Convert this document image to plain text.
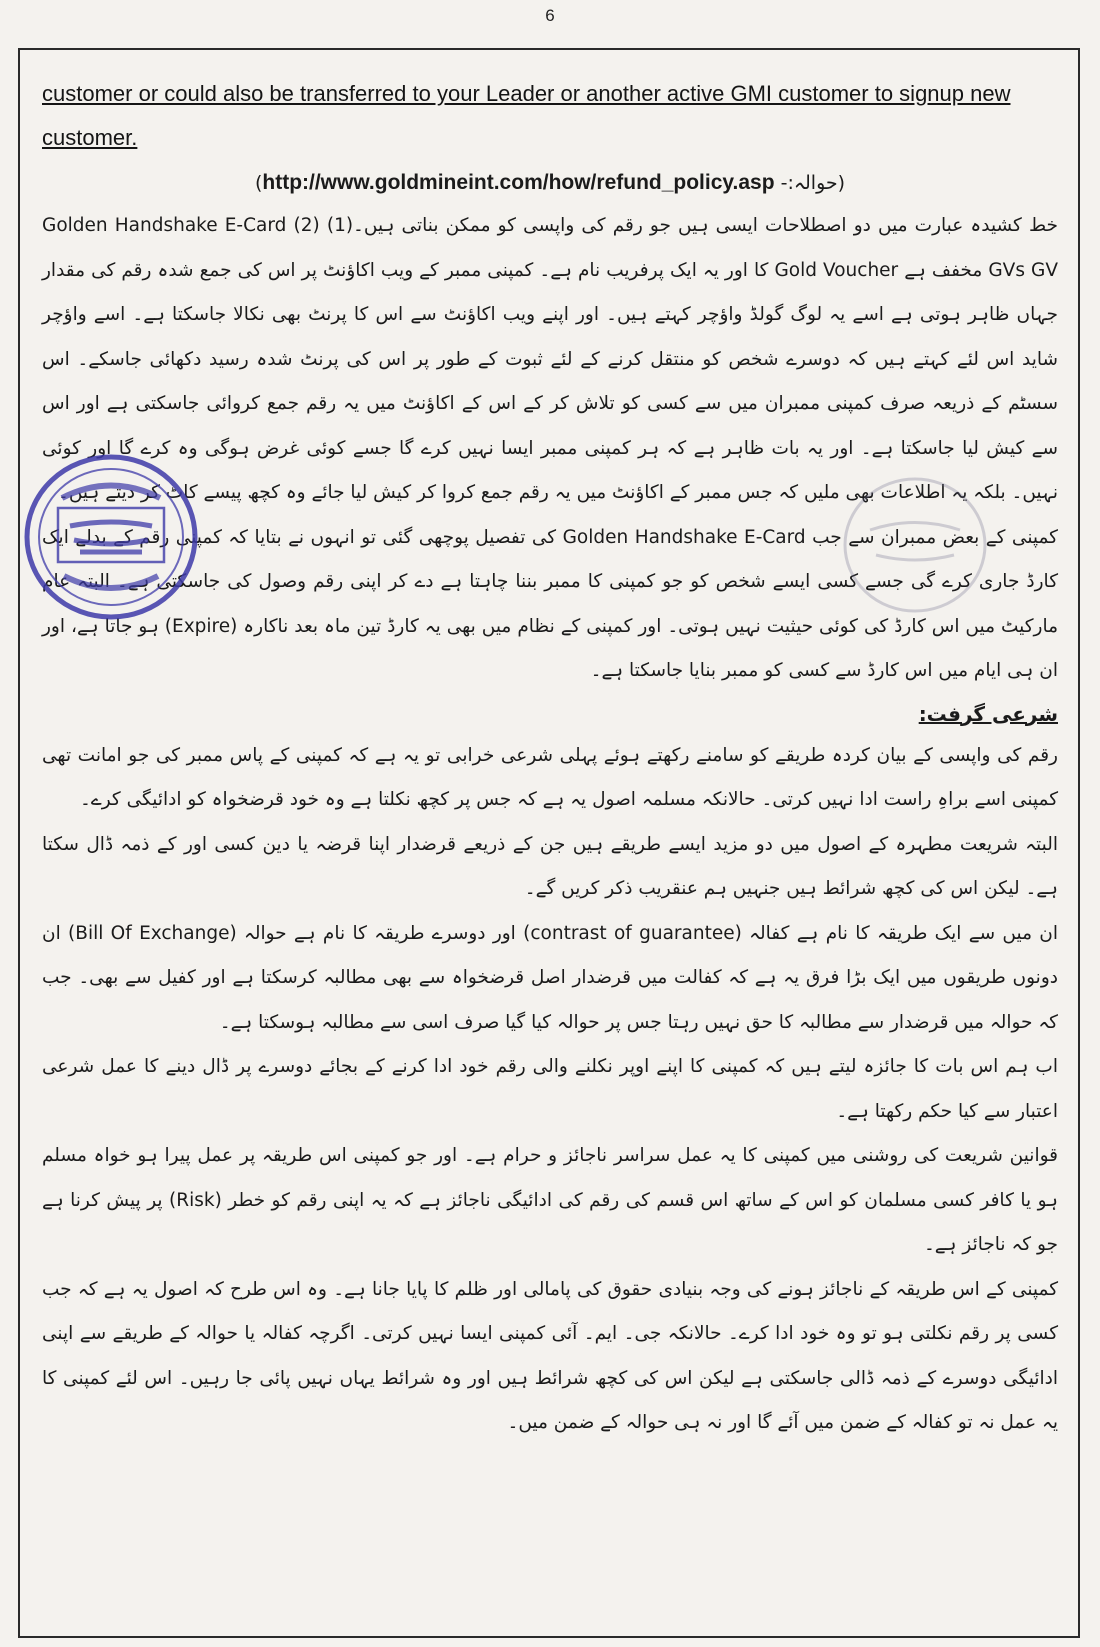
6

customer or could also be transferred to your Leader or another active GMI customer to signup new customer.

(حوالہ:- http://www.goldmineint.com/how/refund_policy.asp)

خط کشیدہ عبارت میں دو اصطلاحات ایسی ہیں جو رقم کی واپسی کو ممکن بناتی ہیں۔(1) Golden Handshake E-Card (2) GVs GV مخفف ہے Gold Voucher کا اور یہ ایک پرفریب نام ہے۔ کمپنی ممبر کے ویب اکاؤنٹ پر اس کی جمع شدہ رقم کی مقدار جہاں ظاہر ہوتی ہے اسے یہ لوگ گولڈ واؤچر کہتے ہیں۔ اور اپنے ویب اکاؤنٹ سے اس کا پرنٹ بھی نکالا جاسکتا ہے۔ اسے واؤچر شاید اس لئے کہتے ہیں کہ دوسرے شخص کو منتقل کرنے کے لئے ثبوت کے طور پر اس کی پرنٹ شدہ رسید دکھائی جاسکے۔ اس سسٹم کے ذریعہ صرف کمپنی ممبران میں سے کسی کو تلاش کر کے اس کے اکاؤنٹ میں یہ رقم جمع کروائی جاسکتی ہے اور اس سے کیش لیا جاسکتا ہے۔ اور یہ بات ظاہر ہے کہ ہر کمپنی ممبر ایسا نہیں کرے گا جسے کوئی غرض ہوگی وہ کرے گا اور کوئی نہیں۔ بلکہ یہ اطلاعات بھی ملیں کہ جس ممبر کے اکاؤنٹ میں یہ رقم جمع کروا کر کیش لیا جائے وہ کچھ پیسے کاٹ کر دیتے ہیں۔

کمپنی کے بعض ممبران سے جب Golden Handshake E-Card کی تفصیل پوچھی گئی تو انہوں نے بتایا کہ کمپنی رقم کے بدلے ایک کارڈ جاری کرے گی جسے کسی ایسے شخص کو جو کمپنی کا ممبر بننا چاہتا ہے دے کر اپنی رقم وصول کی جاسکتی ہے۔ البتہ عام مارکیٹ میں اس کارڈ کی کوئی حیثیت نہیں ہوتی۔ اور کمپنی کے نظام میں بھی یہ کارڈ تین ماہ بعد ناکارہ (Expire) ہو جاتا ہے، اور ان ہی ایام میں اس کارڈ سے کسی کو ممبر بنایا جاسکتا ہے۔

شرعی گرفت:

رقم کی واپسی کے بیان کردہ طریقے کو سامنے رکھتے ہوئے پہلی شرعی خرابی تو یہ ہے کہ کمپنی کے پاس ممبر کی جو امانت تھی کمپنی اسے براہِ راست ادا نہیں کرتی۔ حالانکہ مسلمہ اصول یہ ہے کہ جس پر کچھ نکلتا ہے وہ خود قرضخواہ کو ادائیگی کرے۔

البتہ شریعت مطہرہ کے اصول میں دو مزید ایسے طریقے ہیں جن کے ذریعے قرضدار اپنا قرضہ یا دین کسی اور کے ذمہ ڈال سکتا ہے۔ لیکن اس کی کچھ شرائط ہیں جنہیں ہم عنقریب ذکر کریں گے۔

ان میں سے ایک طریقہ کا نام ہے کفالہ (contrast of guarantee) اور دوسرے طریقہ کا نام ہے حوالہ (Bill Of Exchange) ان دونوں طریقوں میں ایک بڑا فرق یہ ہے کہ کفالت میں قرضدار اصل قرضخواہ سے بھی مطالبہ کرسکتا ہے اور کفیل سے بھی۔ جب کہ حوالہ میں قرضدار سے مطالبہ کا حق نہیں رہتا جس پر حوالہ کیا گیا صرف اسی سے مطالبہ ہوسکتا ہے۔

اب ہم اس بات کا جائزہ لیتے ہیں کہ کمپنی کا اپنے اوپر نکلنے والی رقم خود ادا کرنے کے بجائے دوسرے پر ڈال دینے کا عمل شرعی اعتبار سے کیا حکم رکھتا ہے۔

قوانین شریعت کی روشنی میں کمپنی کا یہ عمل سراسر ناجائز و حرام ہے۔ اور جو کمپنی اس طریقہ پر عمل پیرا ہو خواہ مسلم ہو یا کافر کسی مسلمان کو اس کے ساتھ اس قسم کی رقم کی ادائیگی ناجائز ہے کہ یہ اپنی رقم کو خطر (Risk) پر پیش کرنا ہے جو کہ ناجائز ہے۔

کمپنی کے اس طریقہ کے ناجائز ہونے کی وجہ بنیادی حقوق کی پامالی اور ظلم کا پایا جانا ہے۔ وہ اس طرح کہ اصول یہ ہے کہ جب کسی پر رقم نکلتی ہو تو وہ خود ادا کرے۔ حالانکہ جی۔ ایم۔ آئی کمپنی ایسا نہیں کرتی۔ اگرچہ کفالہ یا حوالہ کے طریقے سے اپنی ادائیگی دوسرے کے ذمہ ڈالی جاسکتی ہے لیکن اس کی کچھ شرائط ہیں اور وہ شرائط یہاں نہیں پائی جا رہیں۔ اس لئے کمپنی کا یہ عمل نہ تو کفالہ کے ضمن میں آئے گا اور نہ ہی حوالہ کے ضمن میں۔
